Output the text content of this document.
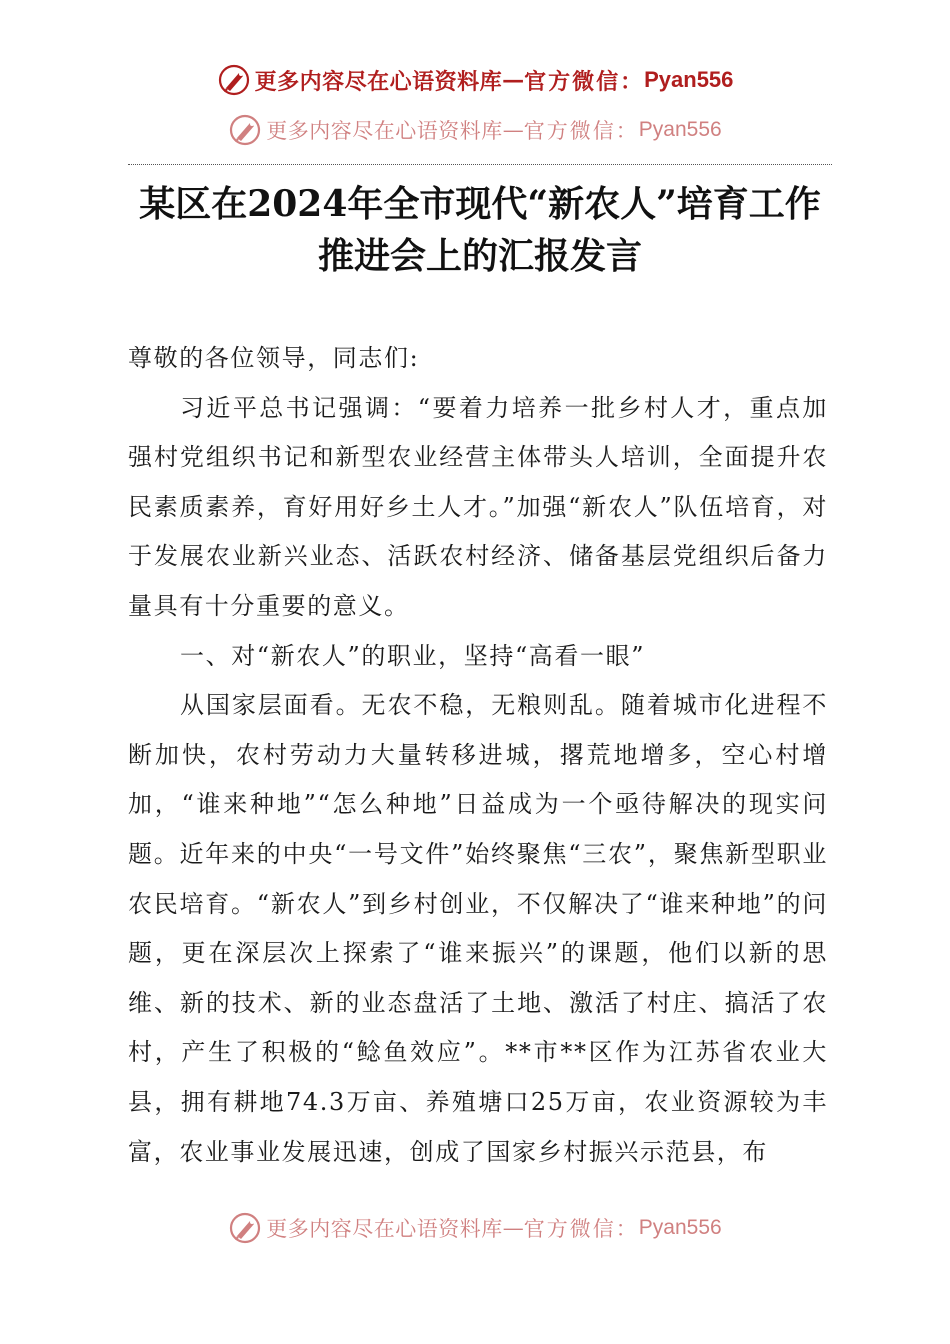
更多内容尽在心语资料库 — 官方微信： Pyan556
更多内容尽在心语资料库 — 官方微信： Pyan556
某区在2024年全市现代“新农人”培育工作
推进会上的汇报发言

尊敬的各位领导，同志们:

习近平总书记强调：“要着力培养一批乡村人才，重点加强村党组织书记和新型农业经营主体带头人培训，全面提升农民素质素养，育好用好乡土人才。”加强“新农人”队伍培育，对于发展农业新兴业态、活跃农村经济、储备基层党组织后备力量具有十分重要的意义。

一、对“新农人”的职业，坚持“高看一眼”

从国家层面看。无农不稳，无粮则乱。随着城市化进程不断加快，农村劳动力大量转移进城，撂荒地增多，空心村增加，“谁来种地”“怎么种地”日益成为一个亟待解决的现实问题。近年来的中央“一号文件”始终聚焦“三农”，聚焦新型职业农民培育。“新农人”到乡村创业，不仅解决了“谁来种地”的问题，更在深层次上探索了“谁来振兴”的课题，他们以新的思维、新的技术、新的业态盘活了土地、激活了村庄、搞活了农村，产生了积极的“鲶鱼效应”。**市**区作为江苏省农业大县，拥有耕地74.3万亩、养殖塘口25万亩，农业资源较为丰富，农业事业发展迅速，创成了国家乡村振兴示范县，布

更多内容尽在心语资料库 — 官方微信： Pyan556
